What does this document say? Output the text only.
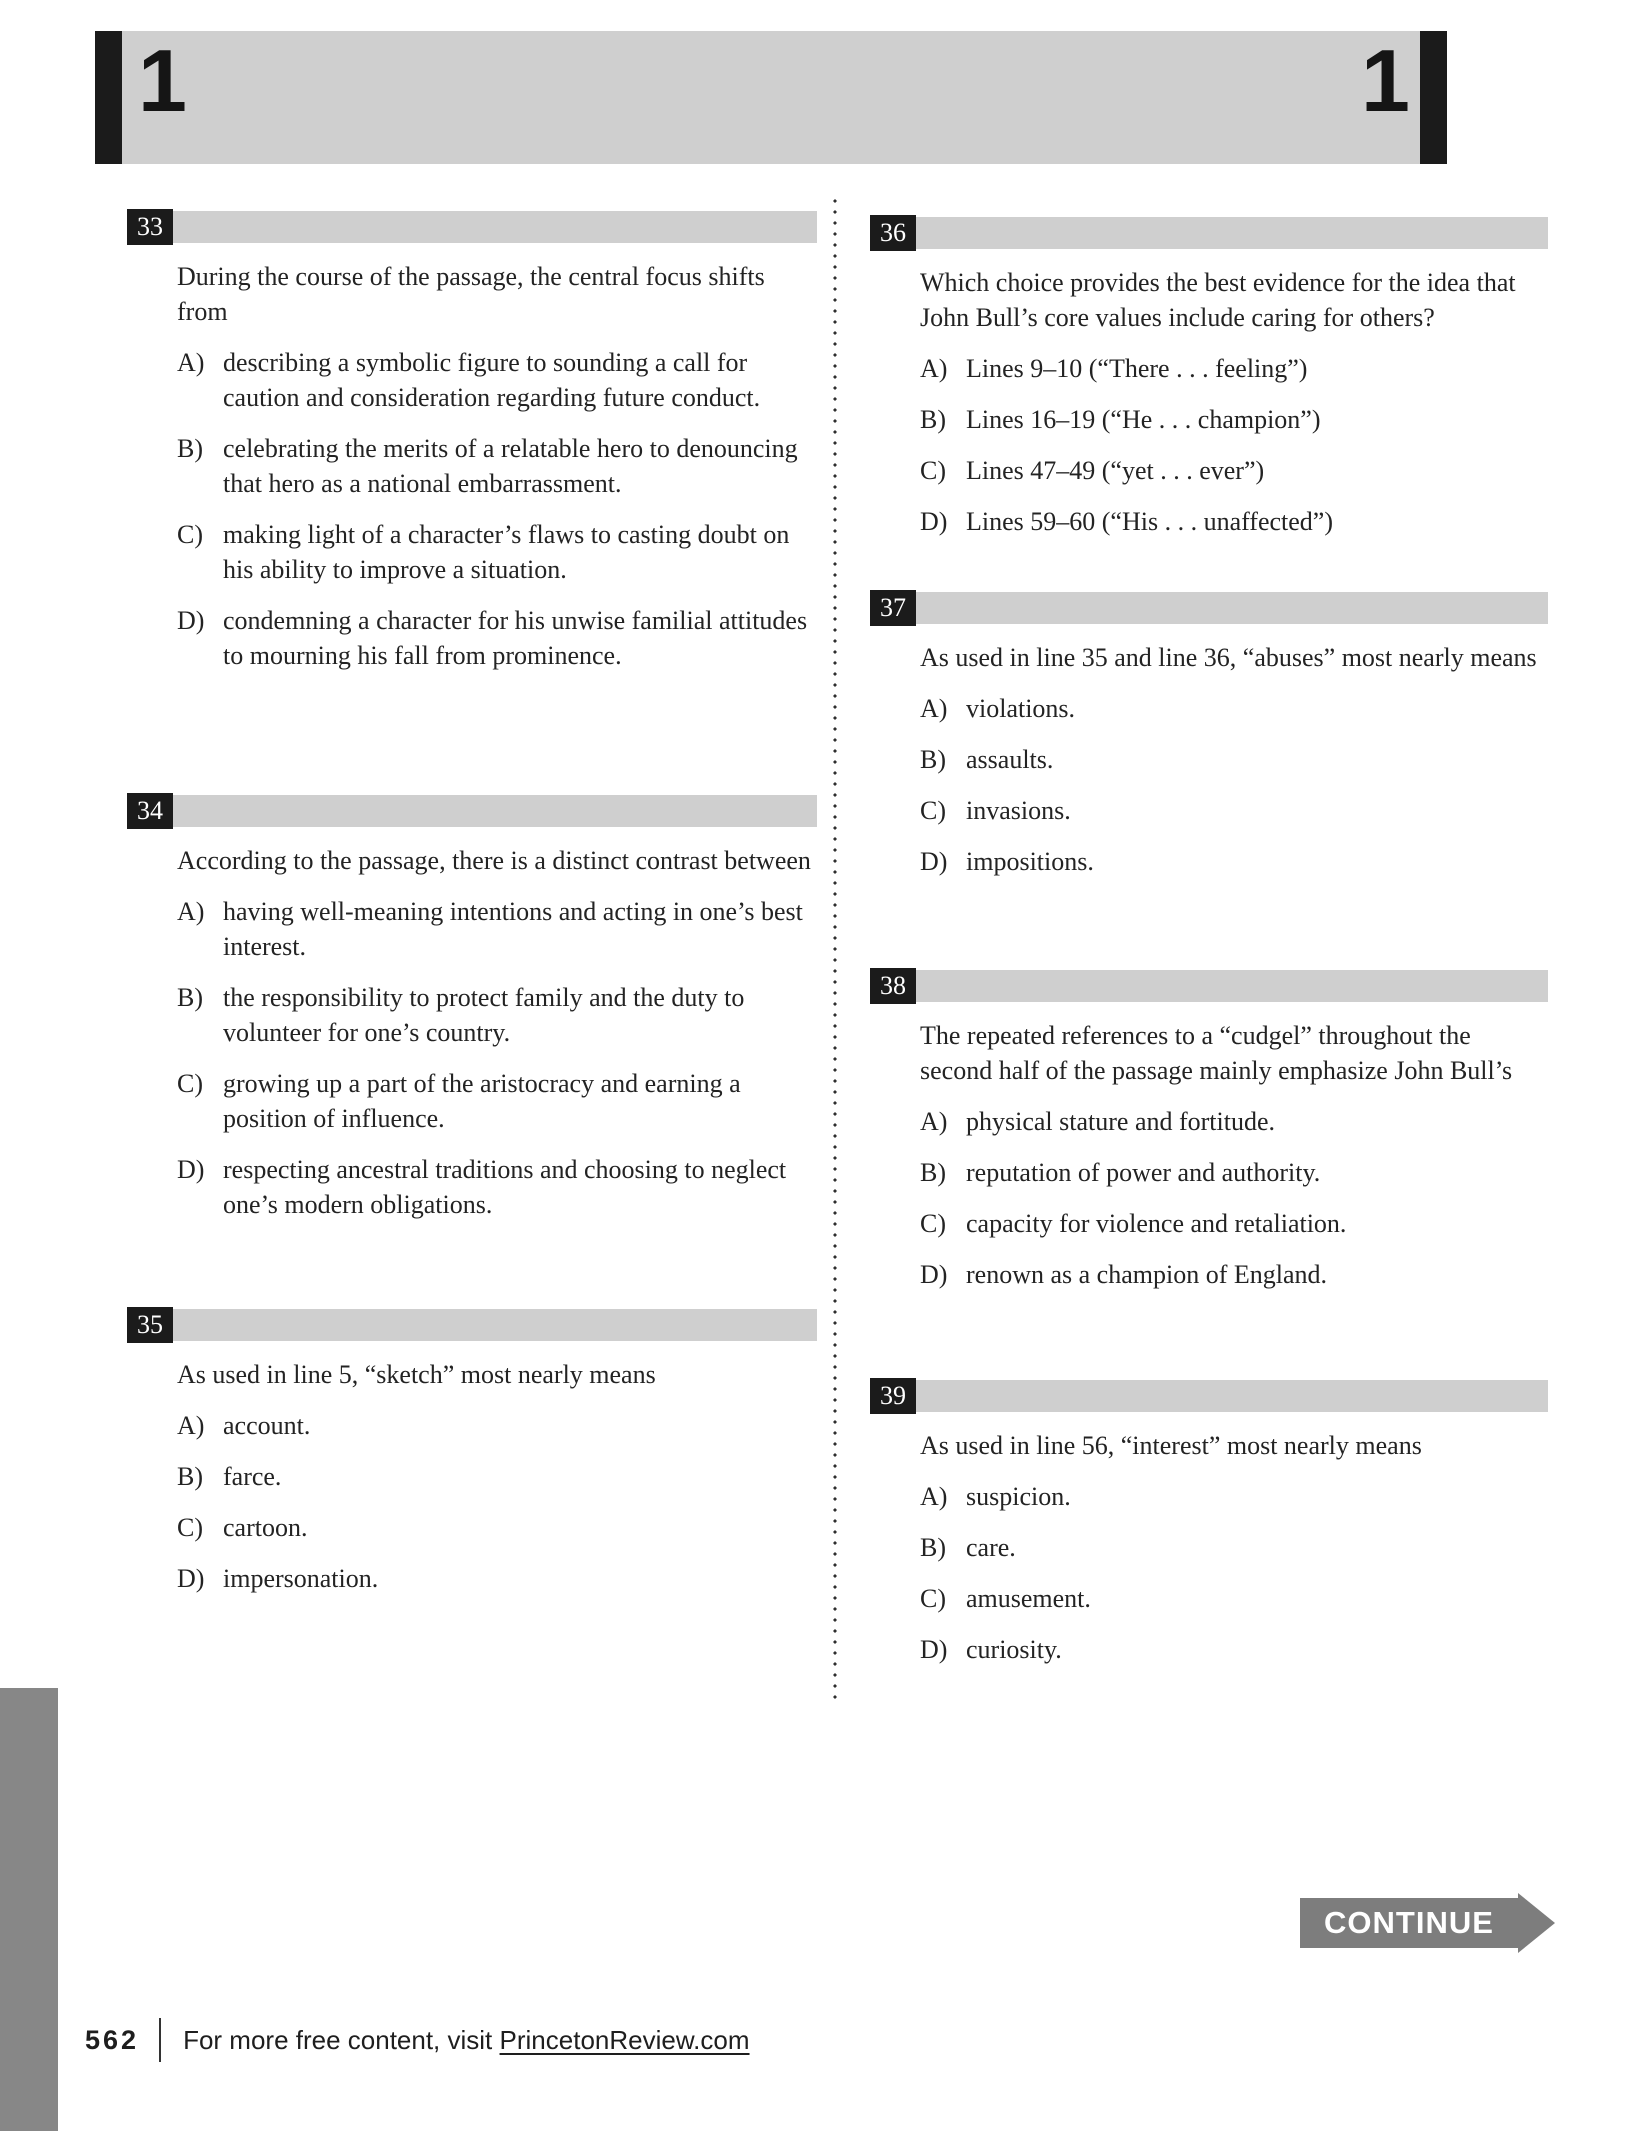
1	1
33

During the course of the passage, the central focus shifts from

A) describing a symbolic figure to sounding a call for caution and consideration regarding future conduct.
B) celebrating the merits of a relatable hero to denouncing that hero as a national embarrassment.
C) making light of a character’s flaws to casting doubt on his ability to improve a situation.
D) condemning a character for his unwise familial attitudes to mourning his fall from prominence.
34

According to the passage, there is a distinct contrast between

A) having well-meaning intentions and acting in one’s best interest.
B) the responsibility to protect family and the duty to volunteer for one’s country.
C) growing up a part of the aristocracy and earning a position of influence.
D) respecting ancestral traditions and choosing to neglect one’s modern obligations.
35

As used in line 5, “sketch” most nearly means

A) account.
B) farce.
C) cartoon.
D) impersonation.
36

Which choice provides the best evidence for the idea that John Bull’s core values include caring for others?

A) Lines 9–10 (“There . . . feeling”)
B) Lines 16–19 (“He . . . champion”)
C) Lines 47–49 (“yet . . . ever”)
D) Lines 59–60 (“His . . . unaffected”)
37

As used in line 35 and line 36, “abuses” most nearly means

A) violations.
B) assaults.
C) invasions.
D) impositions.
38

The repeated references to a “cudgel” throughout the second half of the passage mainly emphasize John Bull’s

A) physical stature and fortitude.
B) reputation of power and authority.
C) capacity for violence and retaliation.
D) renown as a champion of England.
39

As used in line 56, “interest” most nearly means

A) suspicion.
B) care.
C) amusement.
D) curiosity.
CONTINUE
562 For more free content, visit
PrincetonReview.com
